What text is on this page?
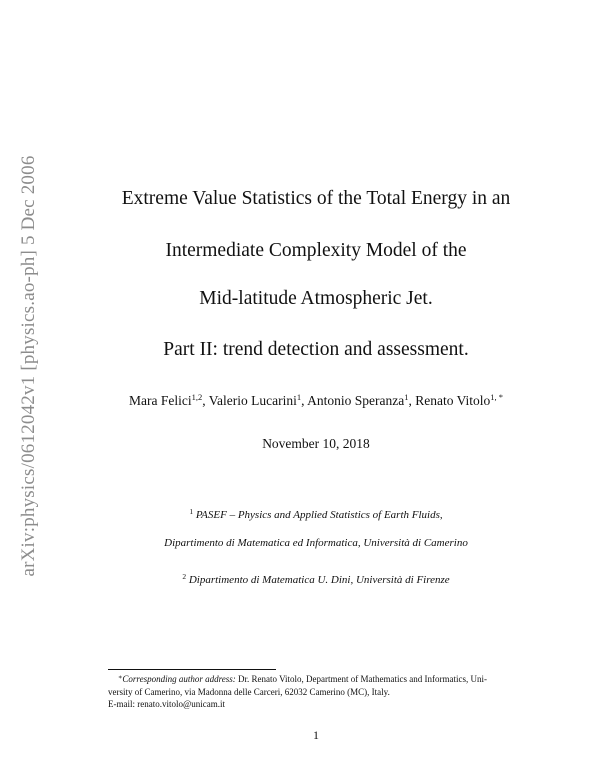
arXiv:physics/0612042v1 [physics.ao-ph] 5 Dec 2006	Extreme Value Statistics of the Total Energy in an
Intermediate Complexity Model of the
Mid-latitude Atmospheric Jet.
Part II: trend detection and assessment.
Mara Felici$^{1,2}$, Valerio Lucarini$^1$, Antonio Speranza$^1$, Renato Vitolo$^{1, *}$
November 10, 2018
$^1$ PASEF – Physics and Applied Statistics of Earth Fluids,
Dipartimento di Matematica ed Informatica, Università di Camerino
$^2$ Dipartimento di Matematica U. Dini, Università di Firenze
∗Corresponding author address: Dr. Renato Vitolo, Department of Mathematics and Informatics, Uni-
versity of Camerino, via Madonna delle Carceri, 62032 Camerino (MC), Italy.
E-mail: renato.vitolo@unicam.it
1
